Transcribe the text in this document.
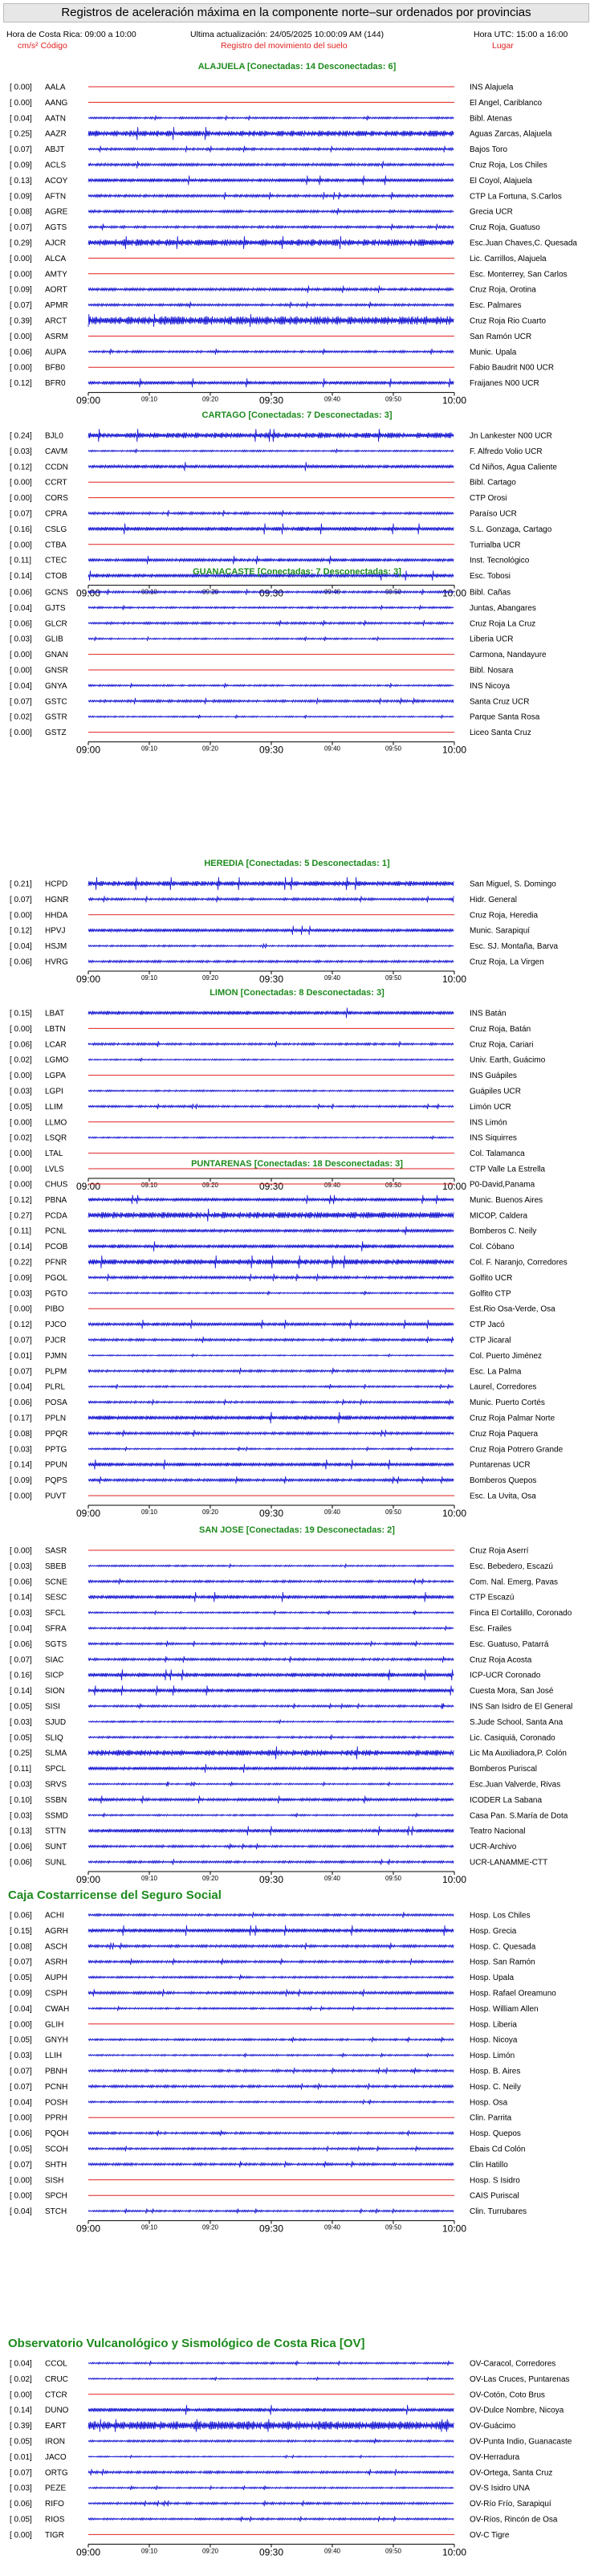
Registros de aceleración máxima en la componente norte–sur ordenados por provincias
Hora de Costa Rica: 09:00 a 10:00	Ultima actualización: 24/05/2025 10:00:09 AM (144)	Hora UTC: 15:00 a 16:00
cm/s² Código	Registro del movimiento del suelo	Lugar
ALAJUELA [Conectadas: 14 Desconectadas: 6]
[ 0.00] AALA	INS Alajuela
[ 0.00] AANG	El Angel, Cariblanco
[ 0.04] AATN	Bibl. Atenas
[ 0.25] AAZR	Aguas Zarcas, Alajuela
[ 0.07] ABJT	Bajos Toro
[ 0.09] ACLS	Cruz Roja, Los Chiles
[ 0.13] ACOY	El Coyol, Alajuela
[ 0.09] AFTN	CTP La Fortuna, S.Carlos
[ 0.08] AGRE	Grecia UCR
[ 0.07] AGTS	Cruz Roja, Guatuso
[ 0.29] AJCR	Esc.Juan Chaves,C. Quesada
[ 0.00] ALCA	Lic. Carrillos, Alajuela
[ 0.00] AMTY	Esc. Monterrey, San Carlos
[ 0.09] AORT	Cruz Roja, Orotina
[ 0.07] APMR	Esc. Palmares
[ 0.39] ARCT	Cruz Roja Rio Cuarto
[ 0.00] ASRM	San Ramón UCR
[ 0.06] AUPA	Munic. Upala
[ 0.00] BFB0	Fabio Baudrit N00 UCR
[ 0.12] BFR0	Fraijanes N00 UCR
09:00	09:10	09:20	09:30	09:40	09:50	10:00
CARTAGO [Conectadas: 7 Desconectadas: 3]
[ 0.24] BJL0	Jn Lankester N00 UCR
[ 0.03] CAVM	F. Alfredo Volio UCR
[ 0.12] CCDN	Cd Niños, Agua Caliente
[ 0.00] CCRT	Bibl. Cartago
[ 0.00] CORS	CTP Orosi
[ 0.07] CPRA	Paraíso UCR
[ 0.16] CSLG	S.L. Gonzaga, Cartago
[ 0.00] CTBA	Turrialba UCR
[ 0.11] CTEC	Inst. Tecnológico
[ 0.14] CTOB	Esc. Tobosi
09:00	09:10	09:20	09:30	09:40	09:50	10:00
GUANACASTE [Conectadas: 7 Desconectadas: 3]
[ 0.06] GCNS	Bibl. Cañas
[ 0.04] GJTS	Juntas, Abangares
[ 0.06] GLCR	Cruz Roja La Cruz
[ 0.03] GLIB	Liberia UCR
[ 0.00] GNAN	Carmona, Nandayure
[ 0.00] GNSR	Bibl. Nosara
[ 0.04] GNYA	INS Nicoya
[ 0.07] GSTC	Santa Cruz UCR
[ 0.02] GSTR	Parque Santa Rosa
[ 0.00] GSTZ	Liceo Santa Cruz
09:00	09:10	09:20	09:30	09:40	09:50	10:00
HEREDIA [Conectadas: 5 Desconectadas: 1]
[ 0.21] HCPD	San Miguel, S. Domingo
[ 0.07] HGNR	Hidr. General
[ 0.00] HHDA	Cruz Roja, Heredia
[ 0.12] HPVJ	Munic. Sarapiquí
[ 0.04] HSJM	Esc. SJ. Montaña, Barva
[ 0.06] HVRG	Cruz Roja, La Virgen
09:00	09:10	09:20	09:30	09:40	09:50	10:00
LIMON [Conectadas: 8 Desconectadas: 3]
[ 0.15] LBAT	INS Batán
[ 0.00] LBTN	Cruz Roja, Batán
[ 0.06] LCAR	Cruz Roja, Cariari
[ 0.02] LGMO	Univ. Earth, Guácimo
[ 0.00] LGPA	INS Guápiles
[ 0.03] LGPI	Guápiles UCR
[ 0.05] LLIM	Limón UCR
[ 0.00] LLMO	INS Limón
[ 0.02] LSQR	INS Siquirres
[ 0.00] LTAL	Col. Talamanca
[ 0.00] LVLS	CTP Valle La Estrella
09:00	09:10	09:20	09:30	09:40	09:50	10:00
PUNTARENAS [Conectadas: 18 Desconectadas: 3]
[ 0.00] CHUS	P0-David,Panama
[ 0.12] PBNA	Munic. Buenos Aires
[ 0.27] PCDA	MICOP, Caldera
[ 0.11] PCNL	Bomberos C. Neily
[ 0.14] PCOB	Col. Cóbano
[ 0.22] PFNR	Col. F. Naranjo, Corredores
[ 0.09] PGOL	Golfito UCR
[ 0.03] PGTO	Golfito CTP
[ 0.00] PIBO	Est.Rio Osa-Verde, Osa
[ 0.12] PJCO	CTP Jacó
[ 0.07] PJCR	CTP Jicaral
[ 0.01] PJMN	Col. Puerto Jiménez
[ 0.07] PLPM	Esc. La Palma
[ 0.04] PLRL	Laurel, Corredores
[ 0.06] POSA	Munic. Puerto Cortés
[ 0.17] PPLN	Cruz Roja Palmar Norte
[ 0.08] PPQR	Cruz Roja Paquera
[ 0.03] PPTG	Cruz Roja Potrero Grande
[ 0.14] PPUN	Puntarenas UCR
[ 0.09] PQPS	Bomberos Quepos
[ 0.00] PUVT	Esc. La Uvita, Osa
09:00	09:10	09:20	09:30	09:40	09:50	10:00
SAN JOSE [Conectadas: 19 Desconectadas: 2]
[ 0.00] SASR	Cruz Roja Aserrí
[ 0.03] SBEB	Esc. Bebedero, Escazú
[ 0.06] SCNE	Com. Nal. Emerg, Pavas
[ 0.14] SESC	CTP Escazú
[ 0.03] SFCL	Finca El Cortalillo, Coronado
[ 0.04] SFRA	Esc. Frailes
[ 0.06] SGTS	Esc. Guatuso, Patarrá
[ 0.07] SIAC	Cruz Roja Acosta
[ 0.16] SICP	ICP-UCR Coronado
[ 0.14] SION	Cuesta Mora, San José
[ 0.05] SISI	INS San Isidro de El General
[ 0.03] SJUD	S.Jude School, Santa Ana
[ 0.05] SLIQ	Lic. Casiquiá, Coronado
[ 0.25] SLMA	Lic Ma Auxiliadora,P. Colón
[ 0.11] SPCL	Bomberos Puriscal
[ 0.03] SRVS	Esc.Juan Valverde, Rivas
[ 0.10] SSBN	ICODER La Sabana
[ 0.03] SSMD	Casa Pan. S.María de Dota
[ 0.13] STTN	Teatro Nacional
[ 0.06] SUNT	UCR-Archivo
[ 0.06] SUNL	UCR-LANAMME-CTT
09:00	09:10	09:20	09:30	09:40	09:50	10:00
Caja Costarricense del Seguro Social
[ 0.06] ACHI	Hosp. Los Chiles
[ 0.15] AGRH	Hosp. Grecia
[ 0.08] ASCH	Hosp. C. Quesada
[ 0.07] ASRH	Hosp. San Ramón
[ 0.05] AUPH	Hosp. Upala
[ 0.09] CSPH	Hosp. Rafael Oreamuno
[ 0.04] CWAH	Hosp. William Allen
[ 0.00] GLIH	Hosp. Liberia
[ 0.05] GNYH	Hosp. Nicoya
[ 0.03] LLIH	Hosp. Limón
[ 0.07] PBNH	Hosp. B. Aires
[ 0.07] PCNH	Hosp. C. Neily
[ 0.04] POSH	Hosp. Osa
[ 0.00] PPRH	Clin. Parrita
[ 0.06] PQOH	Hosp. Quepos
[ 0.05] SCOH	Ebais Cd Colón
[ 0.07] SHTH	Clin Hatillo
[ 0.00] SISH	Hosp. S Isidro
[ 0.00] SPCH	CAIS Puriscal
[ 0.04] STCH	Clin. Turrubares
09:00	09:10	09:20	09:30	09:40	09:50	10:00
Observatorio Vulcanológico y Sismológico de Costa Rica [OV]
[ 0.04] CCOL	OV-Caracol, Corredores
[ 0.02] CRUC	OV-Las Cruces, Puntarenas
[ 0.00] CTCR	OV-Cotón, Coto Brus
[ 0.14] DUNO	OV-Dulce Nombre, Nicoya
[ 0.39] EART	OV-Guácimo
[ 0.05] IRON	OV-Punta Indio, Guanacaste
[ 0.01] JACO	OV-Herradura
[ 0.07] ORTG	OV-Ortega, Santa Cruz
[ 0.03] PEZE	OV-S Isidro UNA
[ 0.06] RIFO	OV-Río Frío, Sarapiquí
[ 0.05] RIOS	OV-Ríos, Rincón de Osa
[ 0.00] TIGR	OV-C Tigre
09:00	09:10	09:20	09:30	09:40	09:50	10:00
